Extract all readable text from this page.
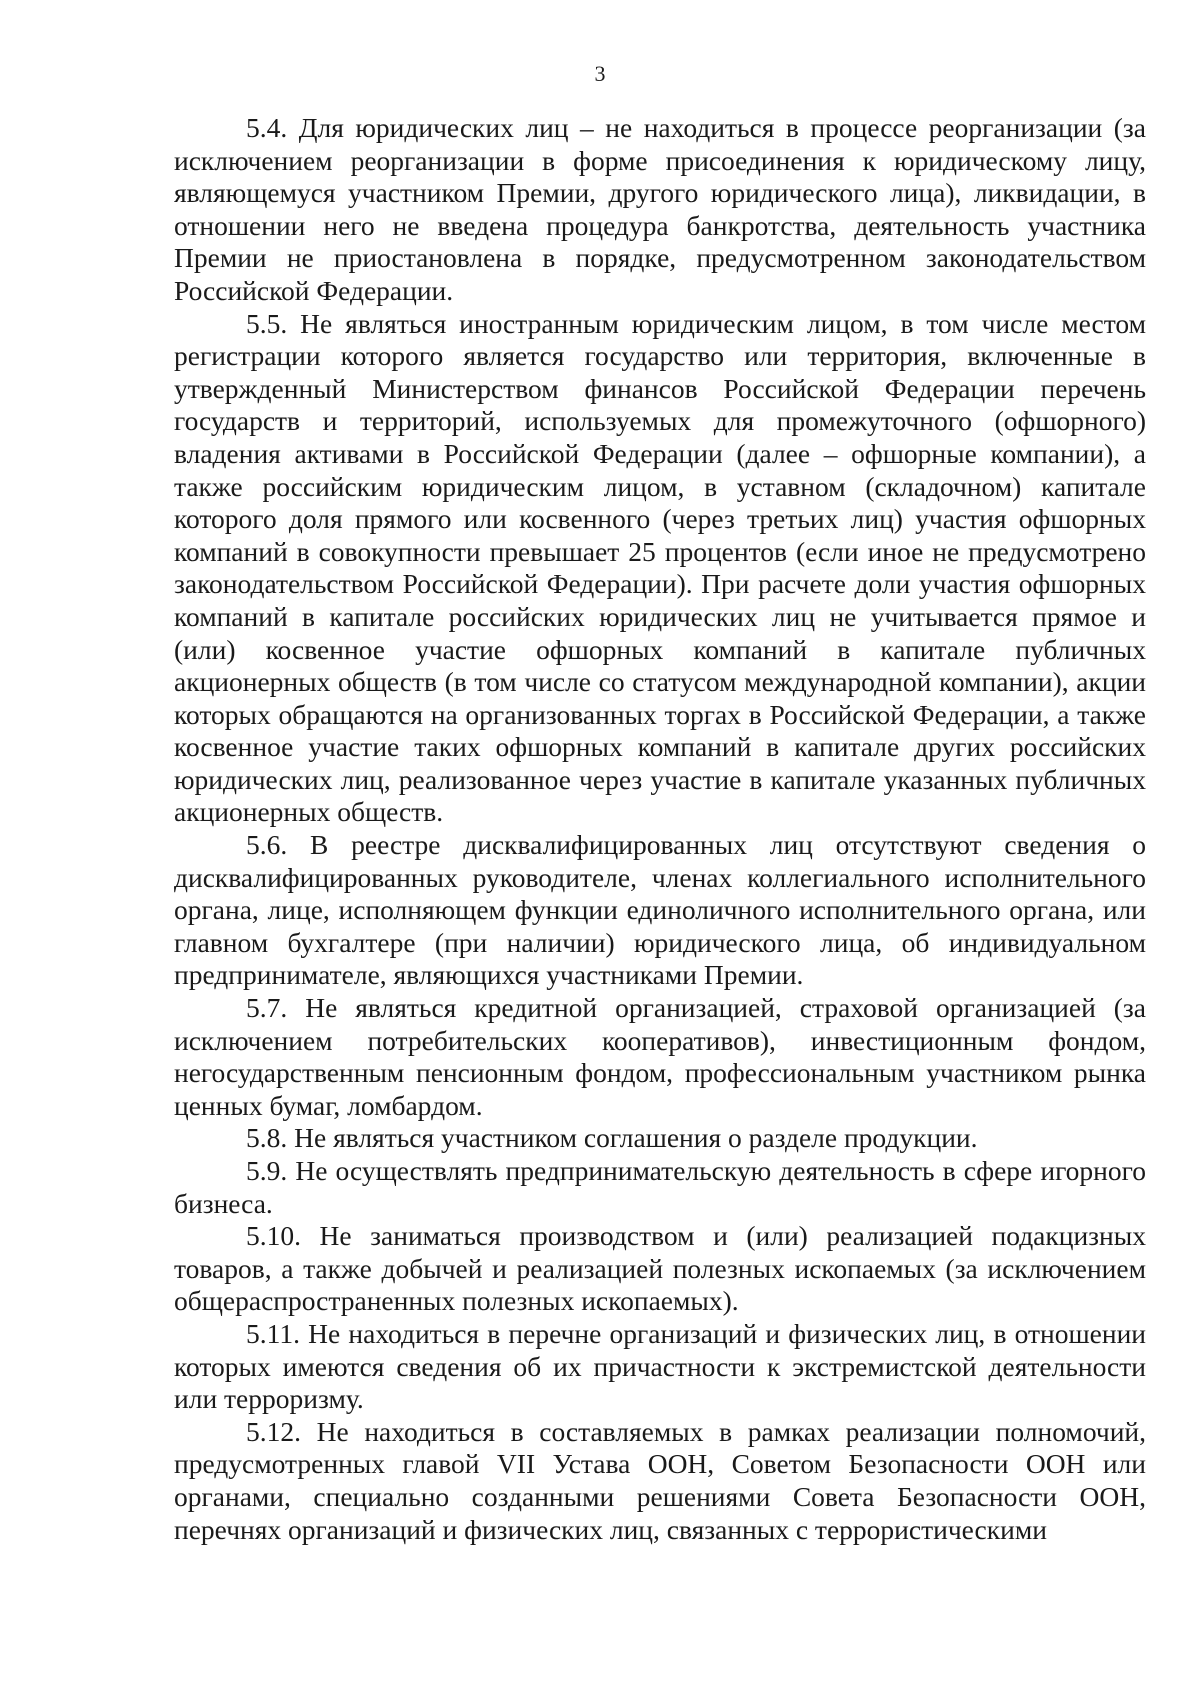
3

5.4. Для юридических лиц – не находиться в процессе реорганизации (за исключением реорганизации в форме присоединения к юридическому лицу, являющемуся участником Премии, другого юридического лица), ликвидации, в отношении него не введена процедура банкротства, деятельность участника Премии не приостановлена в порядке, предусмотренном законодательством Российской Федерации.

5.5. Не являться иностранным юридическим лицом, в том числе местом регистрации которого является государство или территория, включенные в утвержденный Министерством финансов Российской Федерации перечень государств и территорий, используемых для промежуточного (офшорного) владения активами в Российской Федерации (далее – офшорные компании), а также российским юридическим лицом, в уставном (складочном) капитале которого доля прямого или косвенного (через третьих лиц) участия офшорных компаний в совокупности превышает 25 процентов (если иное не предусмотрено законодательством Российской Федерации). При расчете доли участия офшорных компаний в капитале российских юридических лиц не учитывается прямое и (или) косвенное участие офшорных компаний в капитале публичных акционерных обществ (в том числе со статусом международной компании), акции которых обращаются на организованных торгах в Российской Федерации, а также косвенное участие таких офшорных компаний в капитале других российских юридических лиц, реализованное через участие в капитале указанных публичных акционерных обществ.

5.6. В реестре дисквалифицированных лиц отсутствуют сведения о дисквалифицированных руководителе, членах коллегиального исполнительного органа, лице, исполняющем функции единоличного исполнительного органа, или главном бухгалтере (при наличии) юридического лица, об индивидуальном предпринимателе, являющихся участниками Премии.

5.7. Не являться кредитной организацией, страховой организацией (за исключением потребительских кооперативов), инвестиционным фондом, негосударственным пенсионным фондом, профессиональным участником рынка ценных бумаг, ломбардом.

5.8. Не являться участником соглашения о разделе продукции.

5.9. Не осуществлять предпринимательскую деятельность в сфере игорного бизнеса.

5.10. Не заниматься производством и (или) реализацией подакцизных товаров, а также добычей и реализацией полезных ископаемых (за исключением общераспространенных полезных ископаемых).

5.11. Не находиться в перечне организаций и физических лиц, в отношении которых имеются сведения об их причастности к экстремистской деятельности или терроризму.

5.12. Не находиться в составляемых в рамках реализации полномочий, предусмотренных главой VII Устава ООН, Советом Безопасности ООН или органами, специально созданными решениями Совета Безопасности ООН, перечнях организаций и физических лиц, связанных с террористическими
